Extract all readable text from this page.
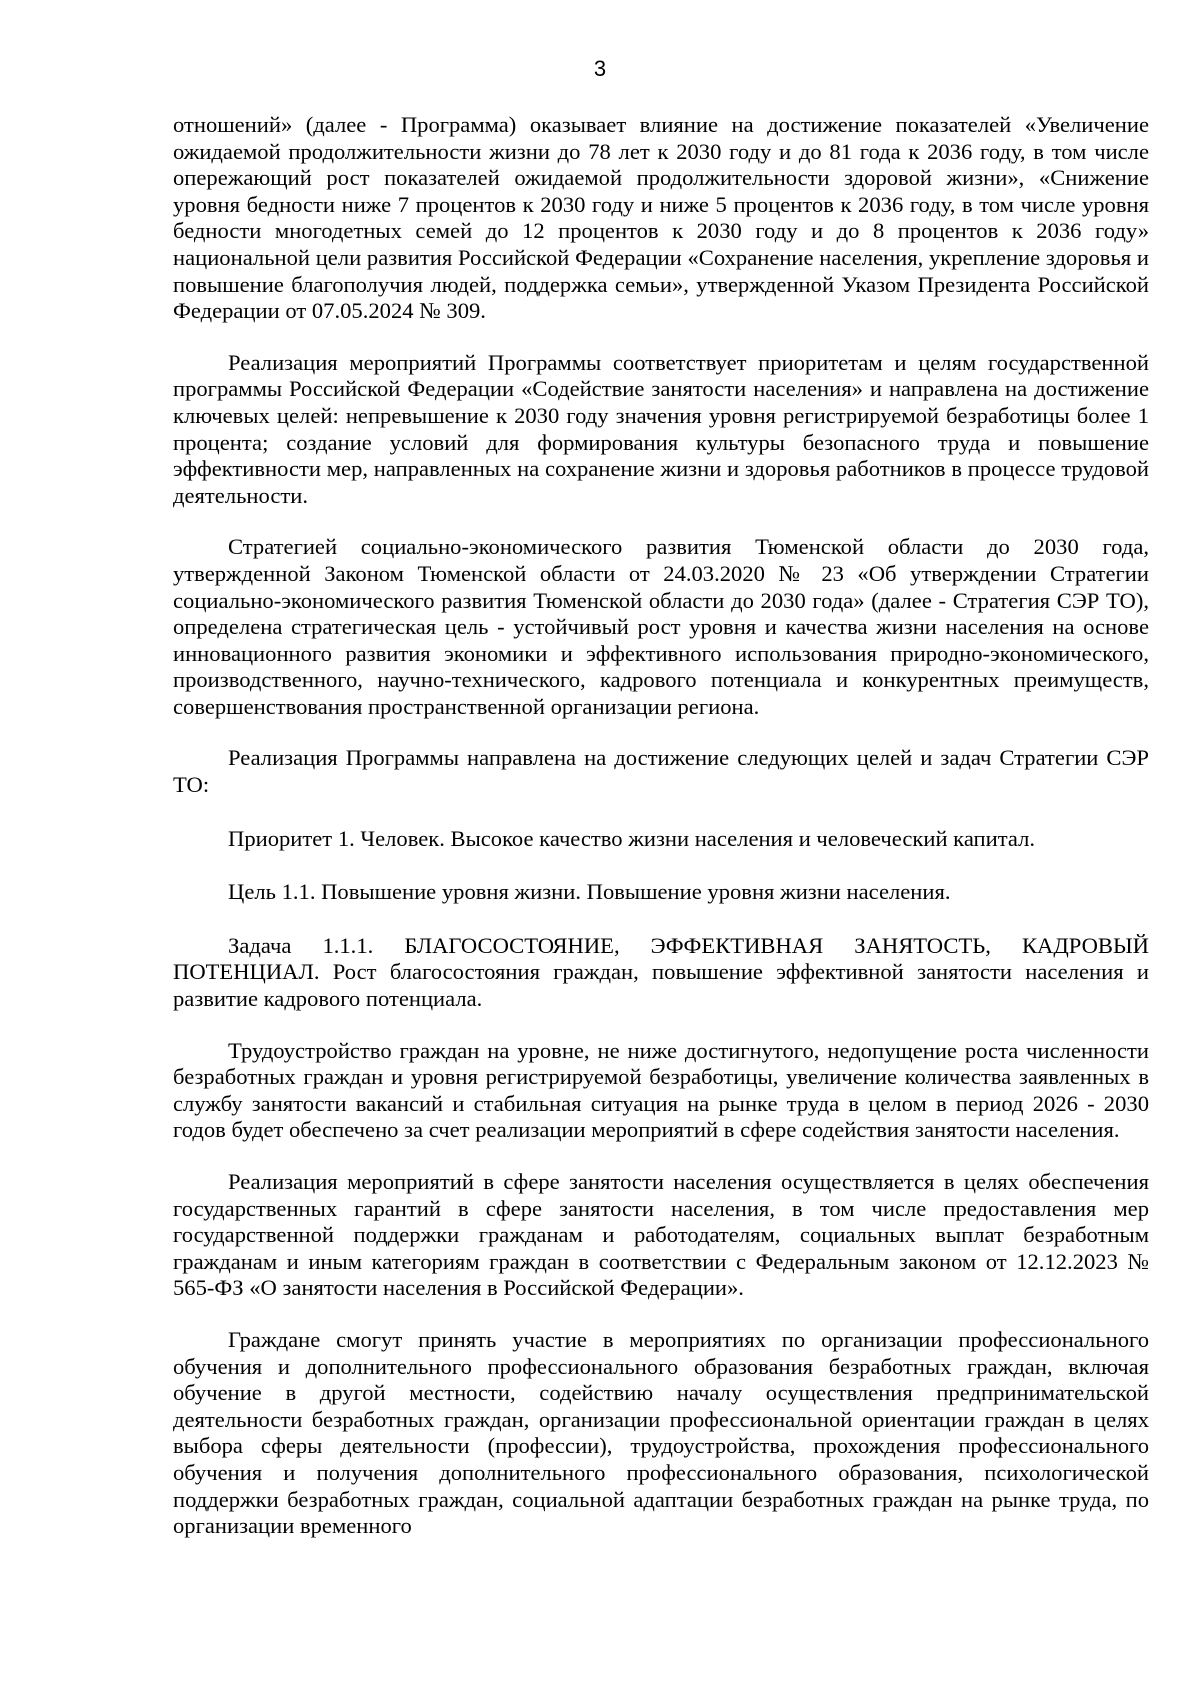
3

отношений» (далее - Программа) оказывает влияние на достижение показателей «Увеличение ожидаемой продолжительности жизни до 78 лет к 2030 году и до 81 года к 2036 году, в том числе опережающий рост показателей ожидаемой продолжительности здоровой жизни», «Снижение уровня бедности ниже 7 процентов к 2030 году и ниже 5 процентов к 2036 году, в том числе уровня бедности многодетных семей до 12 процентов к 2030 году и до 8 процентов к 2036 году» национальной цели развития Российской Федерации «Сохранение населения, укрепление здоровья и повышение благополучия людей, поддержка семьи», утвержденной Указом Президента Российской Федерации от 07.05.2024 № 309.

Реализация мероприятий Программы соответствует приоритетам и целям государственной программы Российской Федерации «Содействие занятости населения» и направлена на достижение ключевых целей: непревышение к 2030 году значения уровня регистрируемой безработицы более 1 процента; создание условий для формирования культуры безопасного труда и повышение эффективности мер, направленных на сохранение жизни и здоровья работников в процессе трудовой деятельности.

Стратегией социально-экономического развития Тюменской области до 2030 года, утвержденной Законом Тюменской области от 24.03.2020 № 23 «Об утверждении Стратегии социально-экономического развития Тюменской области до 2030 года» (далее - Стратегия СЭР ТО), определена стратегическая цель - устойчивый рост уровня и качества жизни населения на основе инновационного развития экономики и эффективного использования природно-экономического, производственного, научно-технического, кадрового потенциала и конкурентных преимуществ, совершенствования пространственной организации региона.

Реализация Программы направлена на достижение следующих целей и задач Стратегии СЭР ТО:

Приоритет 1. Человек. Высокое качество жизни населения и человеческий капитал.

Цель 1.1. Повышение уровня жизни. Повышение уровня жизни населения.

Задача 1.1.1. БЛАГОСОСТОЯНИЕ, ЭФФЕКТИВНАЯ ЗАНЯТОСТЬ, КАДРОВЫЙ ПОТЕНЦИАЛ. Рост благосостояния граждан, повышение эффективной занятости населения и развитие кадрового потенциала.

Трудоустройство граждан на уровне, не ниже достигнутого, недопущение роста численности безработных граждан и уровня регистрируемой безработицы, увеличение количества заявленных в службу занятости вакансий и стабильная ситуация на рынке труда в целом в период 2026 - 2030 годов будет обеспечено за счет реализации мероприятий в сфере содействия занятости населения.

Реализация мероприятий в сфере занятости населения осуществляется в целях обеспечения государственных гарантий в сфере занятости населения, в том числе предоставления мер государственной поддержки гражданам и работодателям, социальных выплат безработным гражданам и иным категориям граждан в соответствии с Федеральным законом от 12.12.2023 № 565-ФЗ «О занятости населения в Российской Федерации».

Граждане смогут принять участие в мероприятиях по организации профессионального обучения и дополнительного профессионального образования безработных граждан, включая обучение в другой местности, содействию началу осуществления предпринимательской деятельности безработных граждан, организации профессиональной ориентации граждан в целях выбора сферы деятельности (профессии), трудоустройства, прохождения профессионального обучения и получения дополнительного профессионального образования, психологической поддержки безработных граждан, социальной адаптации безработных граждан на рынке труда, по организации временного
